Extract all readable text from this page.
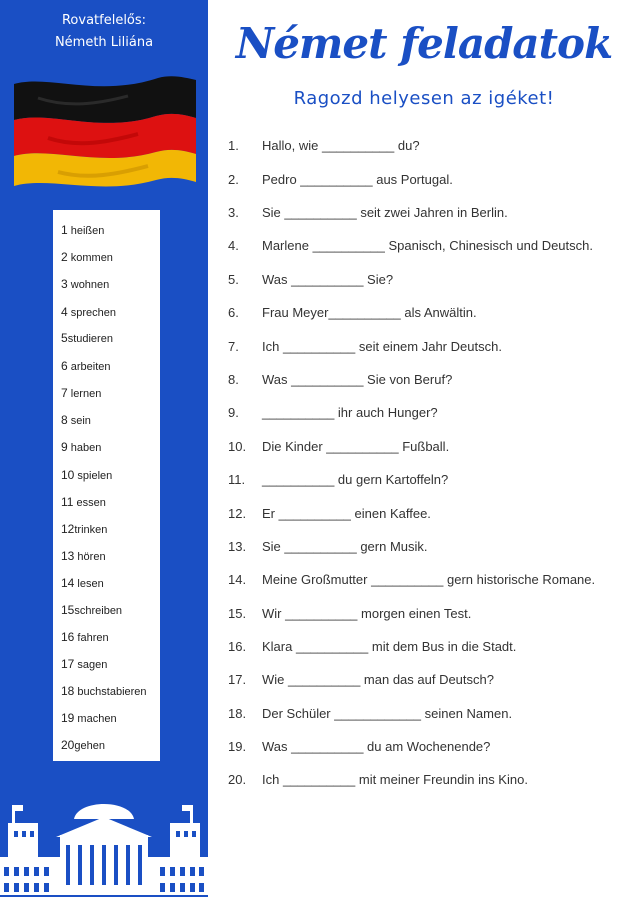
Rovatfelelős:
Németh Liliána
1 heißen
2 kommen
3 wohnen
4 sprechen
5studieren
6 arbeiten
7 lernen
8 sein
9 haben
10 spielen
11 essen
12trinken
13 hören
14 lesen
15schreiben
16 fahren
17 sagen
18 buchstabieren
19 machen
20gehen
Német feladatok
Ragozd helyesen az igéket!
1. Hallo, wie __________ du?
2. Pedro __________ aus Portugal.
3. Sie __________ seit zwei Jahren in Berlin.
4. Marlene __________ Spanisch, Chinesisch und Deutsch.
5. Was __________ Sie?
6. Frau Meyer__________ als Anwältin.
7. Ich __________ seit einem Jahr Deutsch.
8. Was __________ Sie von Beruf?
9. __________ ihr auch Hunger?
10. Die Kinder __________ Fußball.
11. __________ du gern Kartoffeln?
12. Er __________ einen Kaffee.
13. Sie __________ gern Musik.
14. Meine Großmutter __________ gern historische Romane.
15. Wir __________ morgen einen Test.
16. Klara __________ mit dem Bus in die Stadt.
17. Wie __________ man das auf Deutsch?
18. Der Schüler ____________ seinen Namen.
19. Was __________ du am Wochenende?
20. Ich __________ mit meiner Freundin ins Kino.
